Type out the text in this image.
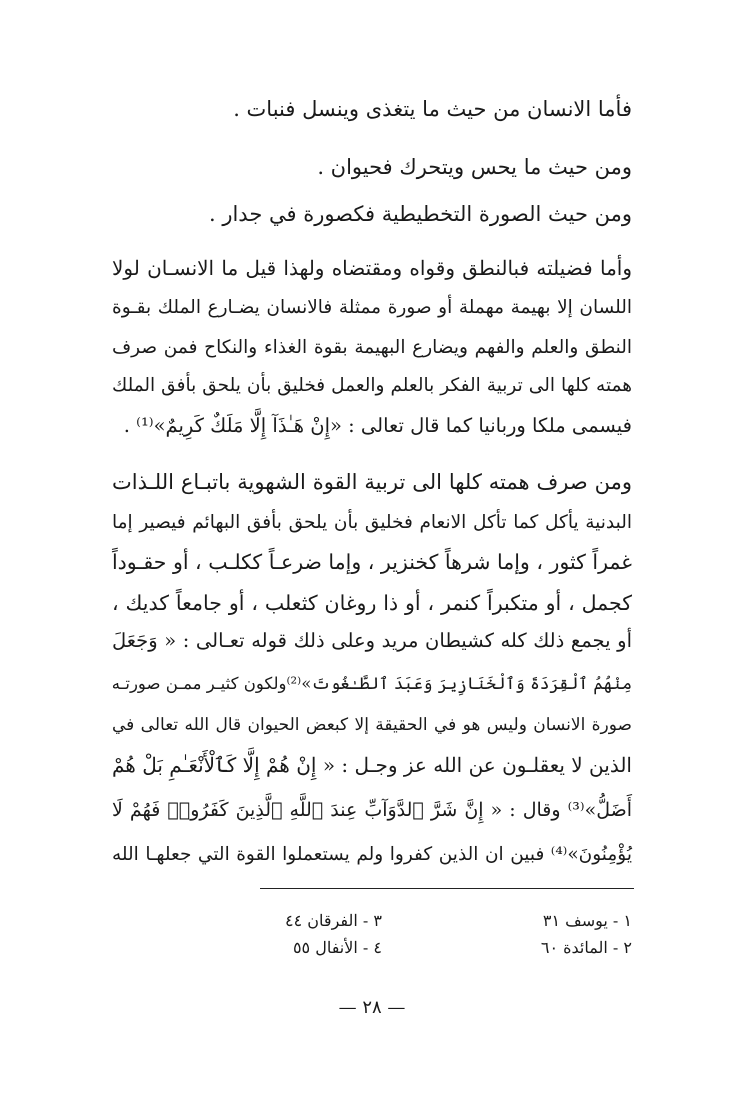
فأما الانسان من حيث ما يتغذى وينسل فنبات .
ومن حيث ما يحس ويتحرك فحيوان .
ومن حيث الصورة التخطيطية فكصورة في جدار .
وأما فضيلته فبالنطق وقواه ومقتضاه ولهذا قيل ما الانسـان لولا
اللسان إلا بهيمة مهملة أو صورة ممثلة فالانسان يضـارع الملك بقـوة
النطق والعلم والفهم ويضارع البهيمة بقوة الغذاء والنكاح فمن صرف
همته كلها الى تربية الفكر بالعلم والعمل فخليق بأن يلحق بأفق الملك
فيسمى ملكا وربانيا كما قال تعالى : «إِنْ هَـٰذَآ إِلَّا مَلَكٌ كَرِيمٌ»⁽¹⁾ .
ومن صرف همته كلها الى تربية القوة الشهوية باتبـاع اللـذات
البدنية يأكل كما تأكل الانعام فخليق بأن يلحق بأفق البهائم فيصير إما
غمراً كثور ، وإما شرهاً كخنزير ، وإما ضرعـاً ككلـب ، أو حقـوداً
كجمل ، أو متكبراً كنمر ، أو ذا روغان كثعلب ، أو جامعاً كديك ،
أو يجمع ذلك كله كشيطان مريد وعلى ذلك قوله تعـالى : « وَجَعَلَ
مِنْهُمُ ٱلْقِرَدَةَ وَٱلْخَنَازِيرَ وَعَبَدَ ٱلطَّـٰغُوتَ»⁽²⁾ولكون كثيـر ممـن صورتـه
صورة الانسان وليس هو في الحقيقة إلا كبعض الحيوان قال الله تعالى في
الذين لا يعقلـون عن الله عز وجـل : « إِنْ هُمْ إِلَّا كَٱلْأَنْعَـٰمِ بَلْ هُمْ
أَضَلُّ»⁽³⁾ وقال : « إِنَّ شَرَّ ٱلدَّوَآبِّ عِندَ ٱللَّهِ ٱلَّذِينَ كَفَرُوا۟ فَهُمْ لَا
يُؤْمِنُونَ»⁽⁴⁾ فبين ان الذين كفروا ولم يستعملوا القوة التي جعلهـا الله
١ - يوسف ٣١
٢ - المائدة ٦٠
٣ - الفرقان ٤٤
٤ - الأنفال ٥٥
— ٢٨ —
